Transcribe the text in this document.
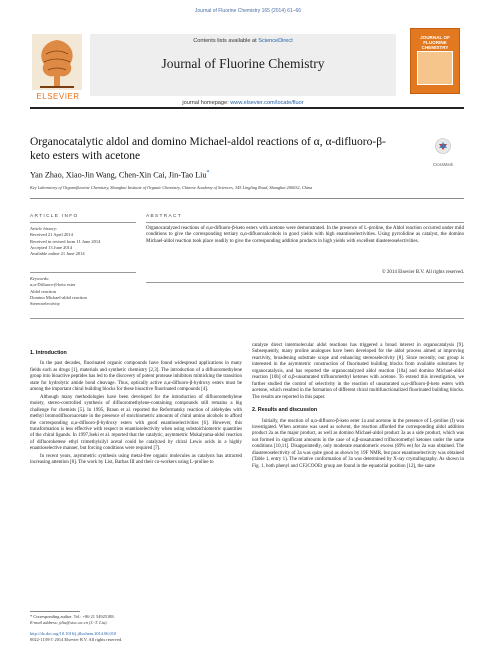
Journal of Fluorine Chemistry 165 (2014) 61–66
ELSEVIER
Contents lists available at ScienceDirect
Journal of Fluorine Chemistry
JOURNAL OF FLUORINE CHEMISTRY
journal homepage: www.elsevier.com/locate/fluor
Organocatalytic aldol and domino Michael-aldol reactions of α, α-difluoro-β-keto esters with acetone
CrossMark
Yan Zhao, Xiao-Jin Wang, Chen-Xin Cai, Jin-Tao Liu*
Key Laboratory of Organofluorine Chemistry, Shanghai Institute of Organic Chemistry, Chinese Academy of Sciences, 345 Lingling Road, Shanghai 200032, China
ARTICLE INFO
Article history:
Received 21 April 2014
Received in revised form 11 June 2014
Accepted 13 June 2014
Available online 21 June 2014
Keywords:
α,α-Difluoro-β-keto ester
Aldol reaction
Domino Michael-aldol reaction
Stereoselectivity
ABSTRACT
Organocatalyzed reactions of α,α-difluoro-β-keto esters with acetone were demonstrated. In the presence of L-proline, the Aldol reaction occurred under mild conditions to give the corresponding tertiary α,α-difluoroalcohols in good yields with high enantioselectivities. Using pyrrolidine as catalyst, the domino Michael-aldol reaction took place readily to give the corresponding addition products in high yields with excellent diastereoselectivities.
© 2014 Elsevier B.V. All rights reserved.
1. Introduction

In the past decades, fluorinated organic compounds have found widespread applications in many fields such as drugs [1], materials and synthetic chemistry [2,3]. The introduction of a difluoromethylene group into bioactive peptides has led to the discovery of potent protease inhibitors mimicking the transition state for hydrolytic amide bond cleavage. Thus, optically active α,α-difluoro-β-hydroxy esters must be among the important chiral building blocks for these bioactive fluorinated compounds [4].

Although many methodologies have been developed for the introduction of difluoromethylene moiety, stereo-controlled synthesis of difluoromethylene-containing compounds still remains a big challenge for chemists [5]. In 1995, Braun et al. reported the Reformatsky reaction of aldehydes with methyl bromodifluoroacetate in the presence of stoichiometric amounts of chiral amino alcohols to afford the corresponding α,α-difluoro-β-hydroxy esters with good enantioselectivities [6]. However, this transformation is less effective with respect to enantioselectivity when using substoichiometric quantities of the chiral ligands. In 1997,Iseki et al. reported that the catalytic, asymmetric Mukaiyama-aldol reaction of difluoroketene ethyl trimethylsilyl acetal could be catalyzed by chiral Lewis acids in a highly enantioselective manner, but forcing conditions were required [7].

In recent years, asymmetric synthesis using metal-free organic molecules as catalysts has attracted increasing attention [8]. The work by List, Barbas III and their co-workers using L-proline to

* Corresponding author. Tel.: +86 21 54925188.
E-mail address: jtliu@sioc.ac.cn (J.-T. Liu).
http://dx.doi.org/10.1016/j.jfluchem.2014.06.010
0022-1139/© 2014 Elsevier B.V. All rights reserved.

catalyze direct intermolecular aldol reactions has triggered a broad interest in organocatalysis [9]. Subsequently, many proline analogues have been developed for the aldol process aimed at improving reactivity, broadening substrate scope and enhancing stereoselectivity [8]. Since recently, our group is interested in the asymmetric construction of fluorinated building blocks from available substrates by organocatalysis, and has reported the organocatalyzed aldol reaction [10a] and domino Michael-aldol reaction [10b] of α,β-unsaturated trifluoromethyl ketones with acetone. To extend this investigation, we further studied the control of selectivity in the reaction of unsaturated α,α-difluoro-β-keto esters with acetone, which resulted in the formation of different chiral multifunctionalized fluorinated building blocks. The results are reported in this paper.

2. Results and discussion

Initially, the reaction of α,α-difluoro-β-keto ester 1a and acetone in the presence of L-proline (I) was investigated. When acetone was used as solvent, the reaction afforded the corresponding aldol addition product 2a as the major product, as well as domino Michael-aldol product 3a as a side product, which was not formed in significant amounts in the case of α,β-unsaturated trifluoromethyl ketones under the same conditions [10,11]. Disappointedly, only moderate enantiomeric excess (69% ee) for 2a was obtained. The diastereoselectivity of 3a was quite good as shown by 19F NMR, but poor enantioselectivity was obtained (Table 1, entry 1). The relative conformation of 3a was determined by X-ray crystallography. As shown in Fig. 1, both phenyl and CF2COOEt group are found in the equatorial position [12], the same
